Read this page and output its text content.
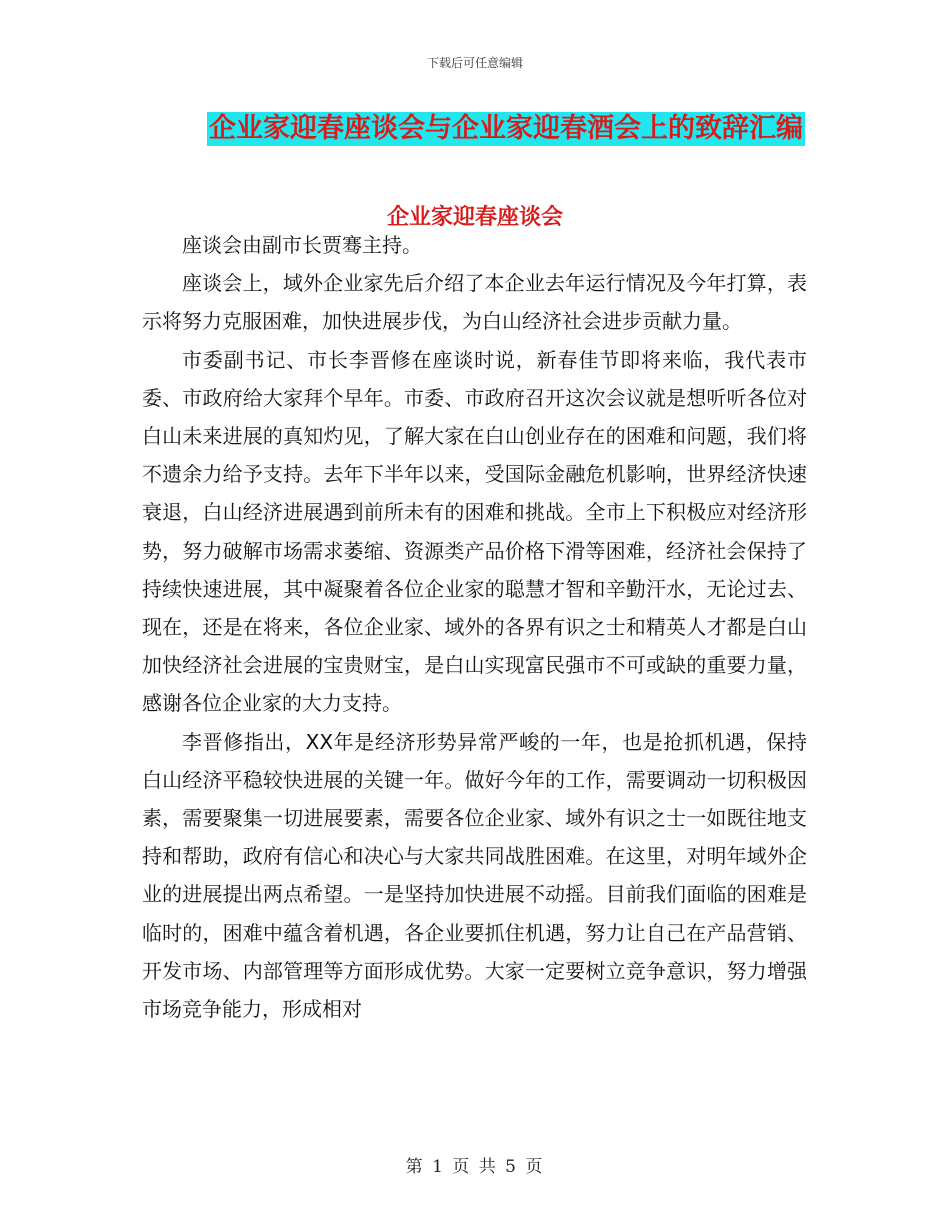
下载后可任意编辑
企业家迎春座谈会与企业家迎春酒会上的致辞汇编
企业家迎春座谈会

座谈会由副市长贾骞主持。

座谈会上，域外企业家先后介绍了本企业去年运行情况及今年打算，表示将努力克服困难，加快进展步伐，为白山经济社会进步贡献力量。

市委副书记、市长李晋修在座谈时说，新春佳节即将来临，我代表市委、市政府给大家拜个早年。市委、市政府召开这次会议就是想听听各位对白山未来进展的真知灼见，了解大家在白山创业存在的困难和问题，我们将不遗余力给予支持。去年下半年以来，受国际金融危机影响，世界经济快速衰退，白山经济进展遇到前所未有的困难和挑战。全市上下积极应对经济形势，努力破解市场需求萎缩、资源类产品价格下滑等困难，经济社会保持了持续快速进展，其中凝聚着各位企业家的聪慧才智和辛勤汗水，无论过去、现在，还是在将来，各位企业家、域外的各界有识之士和精英人才都是白山加快经济社会进展的宝贵财宝，是白山实现富民强市不可或缺的重要力量，感谢各位企业家的大力支持。

李晋修指出，XX年是经济形势异常严峻的一年，也是抢抓机遇，保持白山经济平稳较快进展的关键一年。做好今年的工作，需要调动一切积极因素，需要聚集一切进展要素，需要各位企业家、域外有识之士一如既往地支持和帮助，政府有信心和决心与大家共同战胜困难。在这里，对明年域外企业的进展提出两点希望。一是坚持加快进展不动摇。目前我们面临的困难是临时的，困难中蕴含着机遇，各企业要抓住机遇，努力让自己在产品营销、开发市场、内部管理等方面形成优势。大家一定要树立竞争意识，努力增强市场竞争能力，形成相对

第 1 页 共 5 页
